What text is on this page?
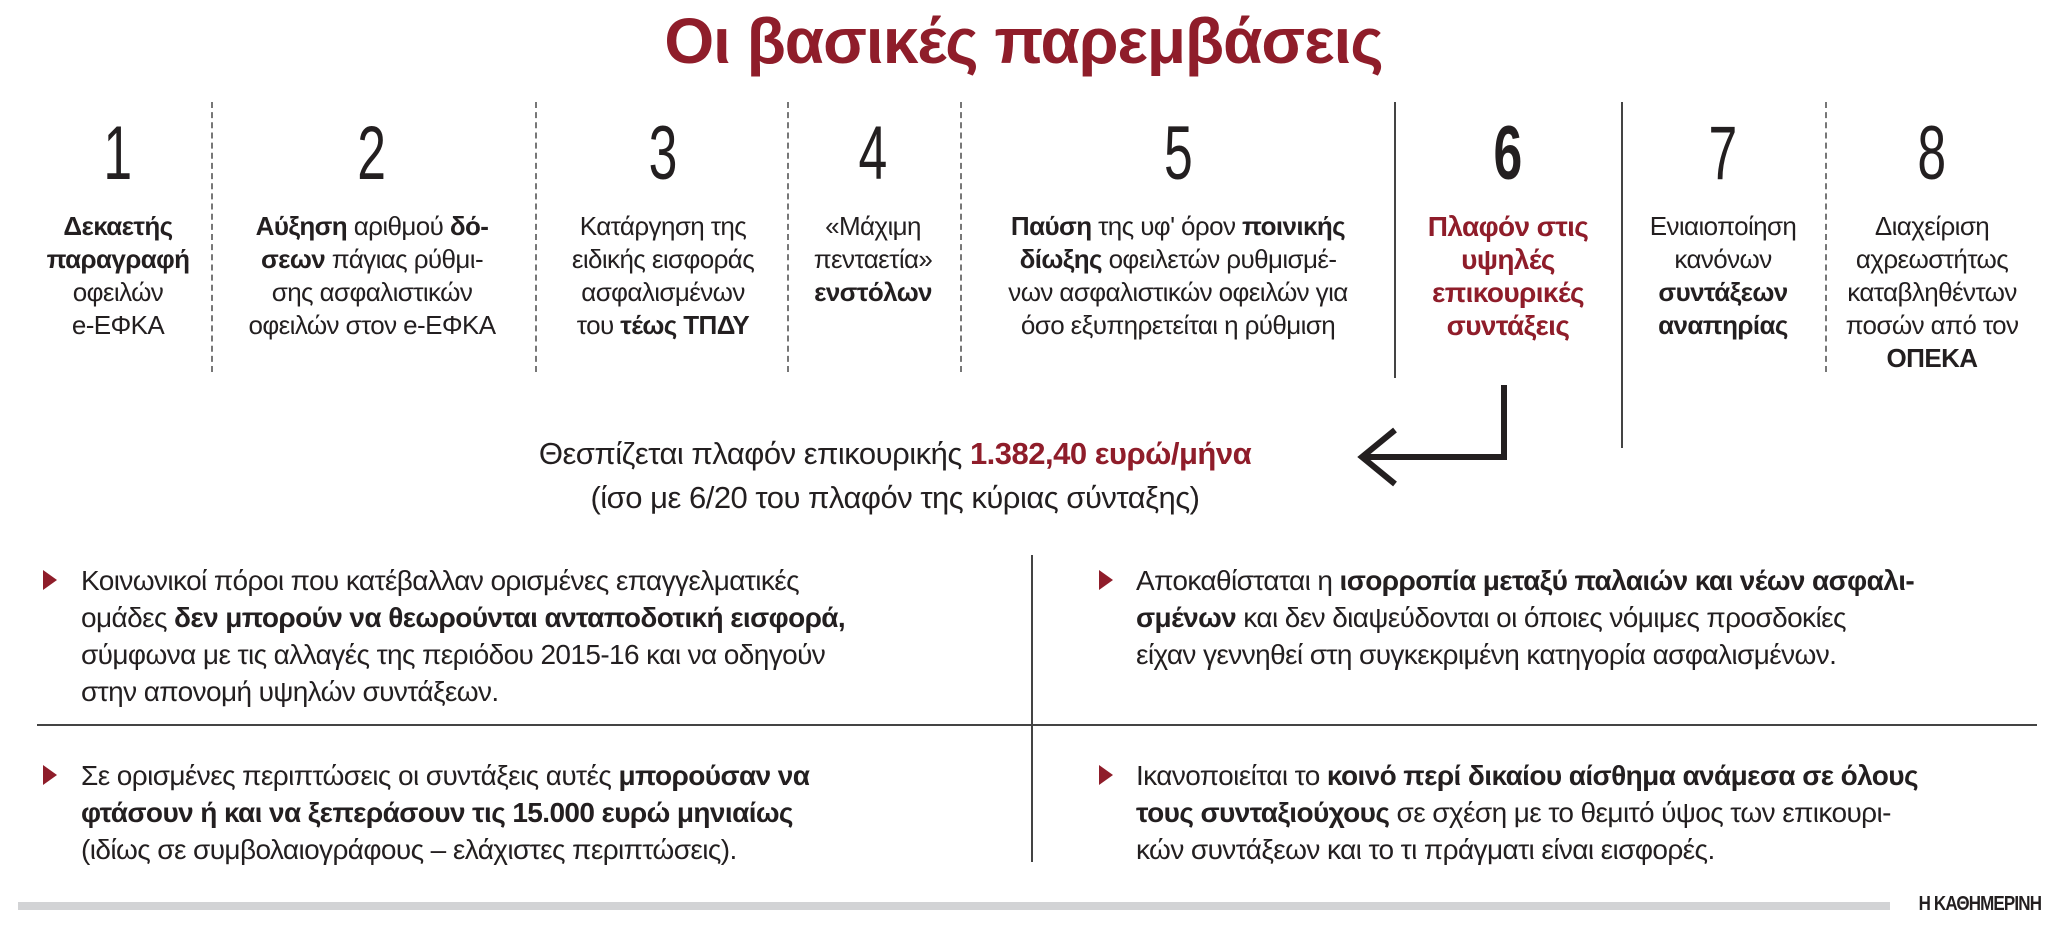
Οι βασικές παρεμβάσεις
1
Δεκαετής
παραγραφή
οφειλών
e-ΕΦΚΑ
2
Αύξηση αριθμού δό-
σεων πάγιας ρύθμι-
σης ασφαλιστικών
οφειλών στον e-ΕΦΚΑ
3
Κατάργηση της
ειδικής εισφοράς
ασφαλισμένων
του τέως ΤΠΔΥ
4
«Μάχιμη
πενταετία»
ενστόλων
5
Παύση της υφ' όρον ποινικής
δίωξης οφειλετών ρυθμισμέ-
νων ασφαλιστικών οφειλών για
όσο εξυπηρετείται η ρύθμιση
6
Πλαφόν στις
υψηλές
επικουρικές
συντάξεις
7
Ενιαιοποίηση
κανόνων
συντάξεων
αναπηρίας
8
Διαχείριση
αχρεωστήτως
καταβληθέντων
ποσών από τον
ΟΠΕΚΑ
Θεσπίζεται πλαφόν επικουρικής 1.382,40 ευρώ/μήνα
(ίσο με 6/20 του πλαφόν της κύριας σύνταξης)
Κοινωνικοί πόροι που κατέβαλλαν ορισμένες επαγγελματικές
ομάδες δεν μπορούν να θεωρούνται ανταποδοτική εισφορά,
σύμφωνα με τις αλλαγές της περιόδου 2015-16 και να οδηγούν
στην απονομή υψηλών συντάξεων.
Αποκαθίσταται η ισορροπία μεταξύ παλαιών και νέων ασφαλι-
σμένων και δεν διαψεύδονται οι όποιες νόμιμες προσδοκίες
είχαν γεννηθεί στη συγκεκριμένη κατηγορία ασφαλισμένων.
Σε ορισμένες περιπτώσεις οι συντάξεις αυτές μπορούσαν να
φτάσουν ή και να ξεπεράσουν τις 15.000 ευρώ μηνιαίως
(ιδίως σε συμβολαιογράφους – ελάχιστες περιπτώσεις).
Ικανοποιείται το κοινό περί δικαίου αίσθημα ανάμεσα σε όλους
τους συνταξιούχους σε σχέση με το θεμιτό ύψος των επικουρι-
κών συντάξεων και το τι πράγματι είναι εισφορές.
Η ΚΑΘΗΜΕΡΙΝΗ
